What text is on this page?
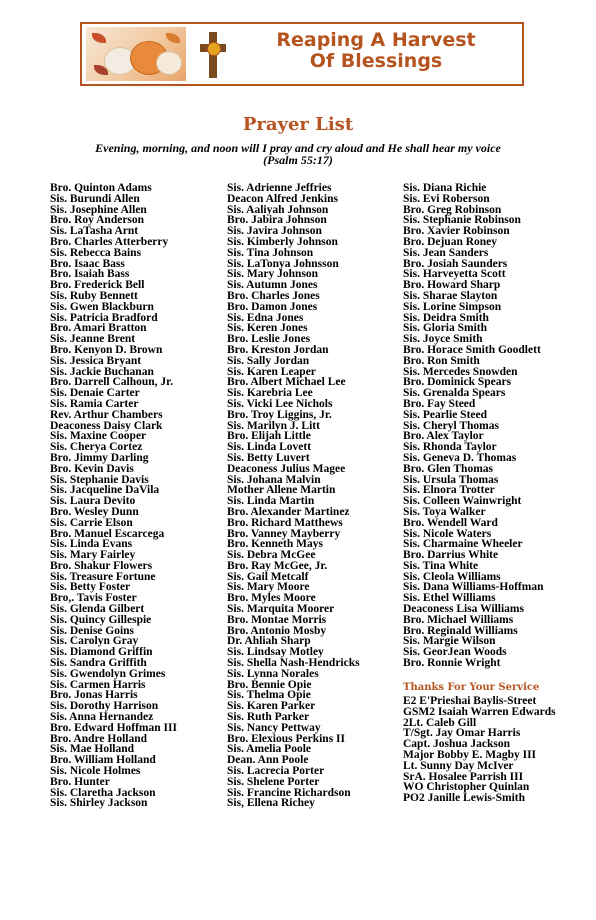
Reaping A Harvest
Of Blessings
Prayer List
Evening, morning, and noon will I pray and cry aloud and He shall hear my voice
(Psalm 55:17)
Bro. Quinton Adams
Sis. Burundi Allen
Sis. Josephine Allen
Bro. Roy Anderson
Sis. LaTasha Arnt
Bro. Charles Atterberry
Sis. Rebecca Bains
Bro. Isaac Bass
Bro. Isaiah Bass
Bro. Frederick Bell
Sis. Ruby Bennett
Sis. Gwen Blackburn
Sis. Patricia Bradford
Bro. Amari Bratton
Sis. Jeanne Brent
Bro. Kenyon D. Brown
Sis. Jessica Bryant
Sis. Jackie Buchanan
Bro. Darrell Calhoun, Jr.
Sis. Denaie Carter
Sis. Ramia Carter
Rev. Arthur Chambers
Deaconess Daisy Clark
Sis. Maxine Cooper
Sis. Cherya Cortez
Bro. Jimmy Darling
Bro. Kevin Davis
Sis. Stephanie Davis
Sis. Jacqueline DaVila
Sis. Laura Devito
Bro. Wesley Dunn
Sis. Carrie Elson
Bro. Manuel Escarcega
Sis. Linda Evans
Sis. Mary Fairley
Bro. Shakur Flowers
Sis. Treasure Fortune
Sis. Betty Foster
Bro,. Tavis Foster
Sis. Glenda Gilbert
Sis. Quincy Gillespie
Sis. Denise Goins
Sis. Carolyn Gray
Sis. Diamond Griffin
Sis. Sandra Griffith
Sis. Gwendolyn Grimes
Sis. Carmen Harris
Bro. Jonas Harris
Sis. Dorothy Harrison
Sis. Anna Hernandez
Bro. Edward Hoffman III
Bro. Andre Holland
Sis. Mae Holland
Bro. William Holland
Sis. Nicole Holmes
Bro. Hunter
Sis. Claretha Jackson
Sis. Shirley Jackson
Sis. Adrienne Jeffries
Deacon Alfred Jenkins
Sis. Aaliyah Johnson
Bro. Jabira Johnson
Sis. Javira Johnson
Sis. Kimberly Johnson
Sis. Tina Johnson
Sis. LaTonya Johnsson
Sis. Mary Johnson
Sis. Autumn Jones
Bro. Charles Jones
Bro. Damon Jones
Sis. Edna Jones
Sis. Keren Jones
Bro. Leslie Jones
Bro. Kreston Jordan
Sis. Sally Jordan
Sis. Karen Leaper
Bro. Albert Michael Lee
Sis. Karebria Lee
Sis. Vicki Lee Nichols
Bro. Troy Liggins, Jr.
Sis. Marilyn J. Litt
Bro. Elijah Little
Sis. Linda Lovett
Sis. Betty Luvert
Deaconess Julius Magee
Sis. Johana Malvin
Mother Allene Martin
Sis. Linda Martin
Bro. Alexander Martinez
Bro. Richard Matthews
Bro. Vanney Mayberry
Bro. Kenneth Mays
Sis. Debra McGee
Bro. Ray McGee, Jr.
Sis. Gail Metcalf
Sis. Mary Moore
Bro. Myles Moore
Sis. Marquita Moorer
Bro. Montae Morris
Bro. Antonio Mosby
Dr. Ahliah Sharp
Sis. Lindsay Motley
Sis. Shella Nash-Hendricks
Sis. Lynna Norales
Bro. Bennie Opie
Sis. Thelma Opie
Sis. Karen Parker
Sis. Ruth Parker
Sis. Nancy Pettway
Bro. Elexious Perkins II
Sis. Amelia Poole
Dean. Ann Poole
Sis. Lacrecia Porter
Sis. Shelene Porter
Sis. Francine Richardson
Sis, Ellena Richey
Sis. Diana Richie
Sis. Evi Roberson
Bro. Greg Robinson
Sis. Stephanie Robinson
Bro. Xavier Robinson
Bro. Dejuan Roney
Sis. Jean Sanders
Bro. Josiah Saunders
Sis. Harveyetta Scott
Bro. Howard Sharp
Sis. Sharae Slayton
Sis. Lorine Simpson
Sis. Deidra Smith
Sis. Gloria Smith
Sis. Joyce Smith
Bro. Horace Smith Goodlett
Bro. Ron Smith
Sis. Mercedes Snowden
Bro. Dominick Spears
Sis. Grenalda Spears
Bro. Fay Steed
Sis. Pearlie Steed
Sis. Cheryl Thomas
Bro. Alex Taylor
Sis. Rhonda Taylor
Sis. Geneva D. Thomas
Bro. Glen Thomas
Sis. Ursula Thomas
Sis. Elnora Trotter
Sis. Colleen Wainwright
Sis. Toya Walker
Bro. Wendell Ward
Sis. Nicole Waters
Sis. Charmaine Wheeler
Bro. Darrius White
Sis. Tina White
Sis. Cleola Williams
Sis. Dana Williams-Hoffman
Sis. Ethel Williams
Deaconess Lisa Williams
Bro. Michael Williams
Bro. Reginald Williams
Sis. Margie Wilson
Sis. GeorJean Woods
Bro. Ronnie Wright
Thanks For Your Service
E2 E'Prieshai Baylis-Street
GSM2 Isaiah Warren Edwards
2Lt. Caleb Gill
T/Sgt. Jay Omar Harris
Capt. Joshua Jackson
Major Bobby E. Magby III
Lt. Sunny Day McIver
SrA. Hosalee Parrish III
WO Christopher Quinlan
PO2 Janille Lewis-Smith
